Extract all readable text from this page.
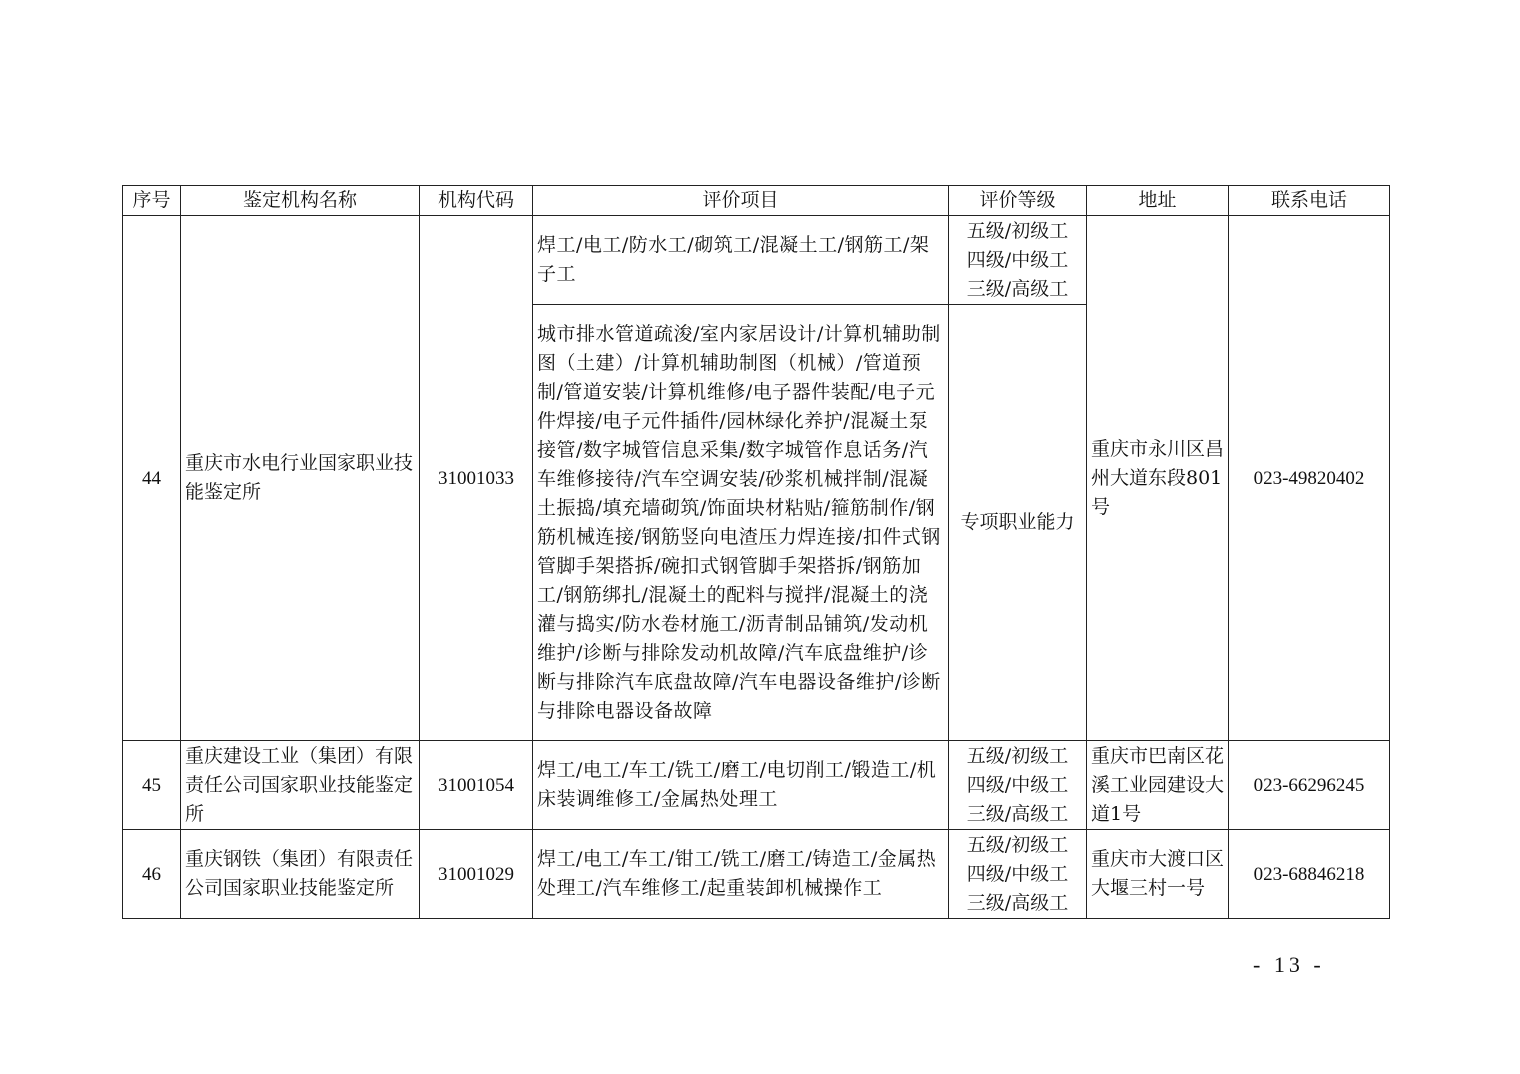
序号	鉴定机构名称	机构代码	评价项目	评价等级	地址	联系电话
44	重庆市水电行业国家职业技能鉴定所	31001033	焊工/电工/防水工/砌筑工/混凝土工/钢筋工/架子工	五级/初级工
四级/中级工
三级/高级工	重庆市永川区昌州大道东段801号	023-49820402
			城市排水管道疏浚/室内家居设计/计算机辅助制图（土建）/计算机辅助制图（机械）/管道预制/管道安装/计算机维修/电子器件装配/电子元件焊接/电子元件插件/园林绿化养护/混凝土泵接管/数字城管信息采集/数字城管作息话务/汽车维修接待/汽车空调安装/砂浆机械拌制/混凝土振捣/填充墙砌筑/饰面块材粘贴/箍筋制作/钢筋机械连接/钢筋竖向电渣压力焊连接/扣件式钢管脚手架搭拆/碗扣式钢管脚手架搭拆/钢筋加工/钢筋绑扎/混凝土的配料与搅拌/混凝土的浇灌与捣实/防水卷材施工/沥青制品铺筑/发动机维护/诊断与排除发动机故障/汽车底盘维护/诊断与排除汽车底盘故障/汽车电器设备维护/诊断与排除电器设备故障	专项职业能力		
45	重庆建设工业（集团）有限责任公司国家职业技能鉴定所	31001054	焊工/电工/车工/铣工/磨工/电切削工/锻造工/机床装调维修工/金属热处理工	五级/初级工
四级/中级工
三级/高级工	重庆市巴南区花溪工业园建设大道1号	023-66296245
46	重庆钢铁（集团）有限责任公司国家职业技能鉴定所	31001029	焊工/电工/车工/钳工/铣工/磨工/铸造工/金属热处理工/汽车维修工/起重装卸机械操作工	五级/初级工
四级/中级工
三级/高级工	重庆市大渡口区大堰三村一号	023-68846218
- 13 -
